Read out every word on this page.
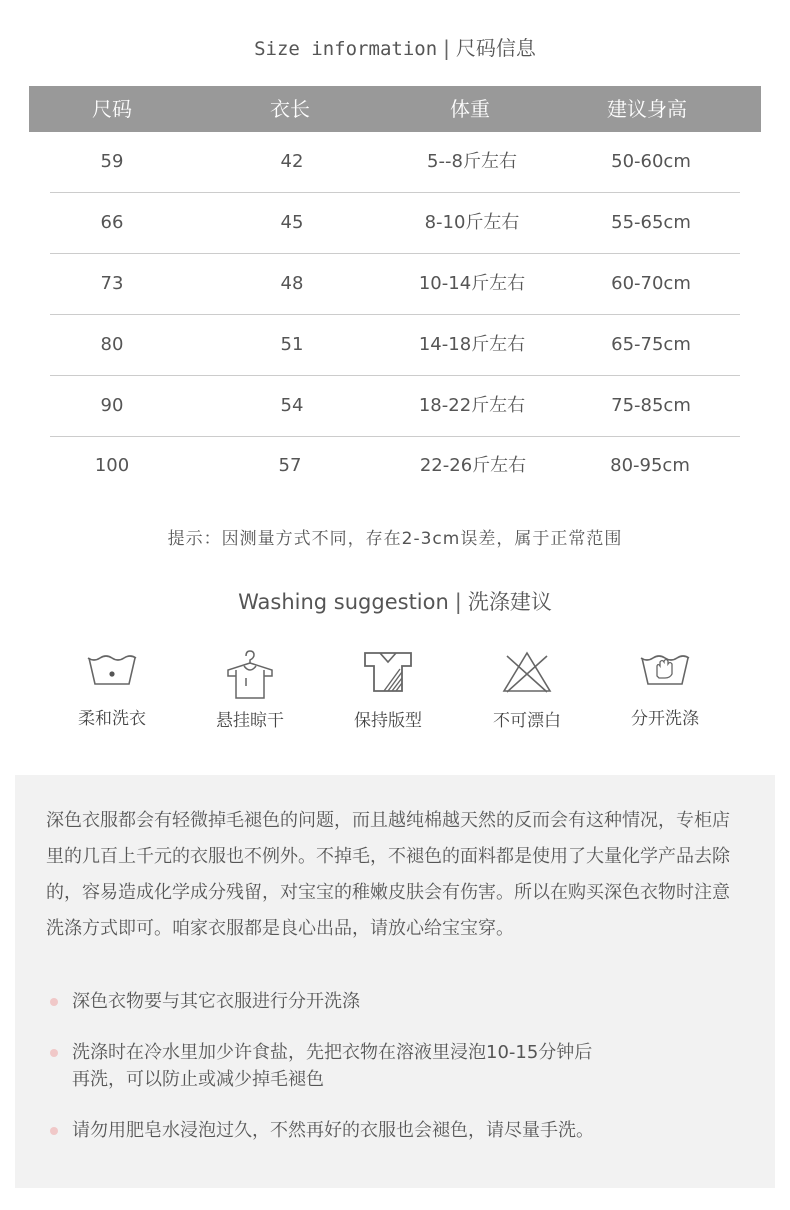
Size information | 尺码信息
尺码	衣长	体重	建议身高
59	42	5--8斤左右	50-60cm
66	45	8-10斤左右	55-65cm
73	48	10-14斤左右	60-70cm
80	51	14-18斤左右	65-75cm
90	54	18-22斤左右	75-85cm
100	57	22-26斤左右	80-95cm
提示：因测量方式不同，存在2-3cm误差，属于正常范围
Washing suggestion | 洗涤建议
柔和洗衣	悬挂晾干	保持版型	不可漂白	分开洗涤

深色衣服都会有轻微掉毛褪色的问题，而且越纯棉越天然的反而会有这种情况，专柜店里的几百上千元的衣服也不例外。不掉毛，不褪色的面料都是使用了大量化学产品去除的，容易造成化学成分残留，对宝宝的稚嫩皮肤会有伤害。所以在购买深色衣物时注意洗涤方式即可。咱家衣服都是良心出品，请放心给宝宝穿。

深色衣物要与其它衣服进行分开洗涤
洗涤时在冷水里加少许食盐，先把衣物在溶液里浸泡10-15分钟后
再洗，可以防止或减少掉毛褪色
请勿用肥皂水浸泡过久，不然再好的衣服也会褪色，请尽量手洗。
